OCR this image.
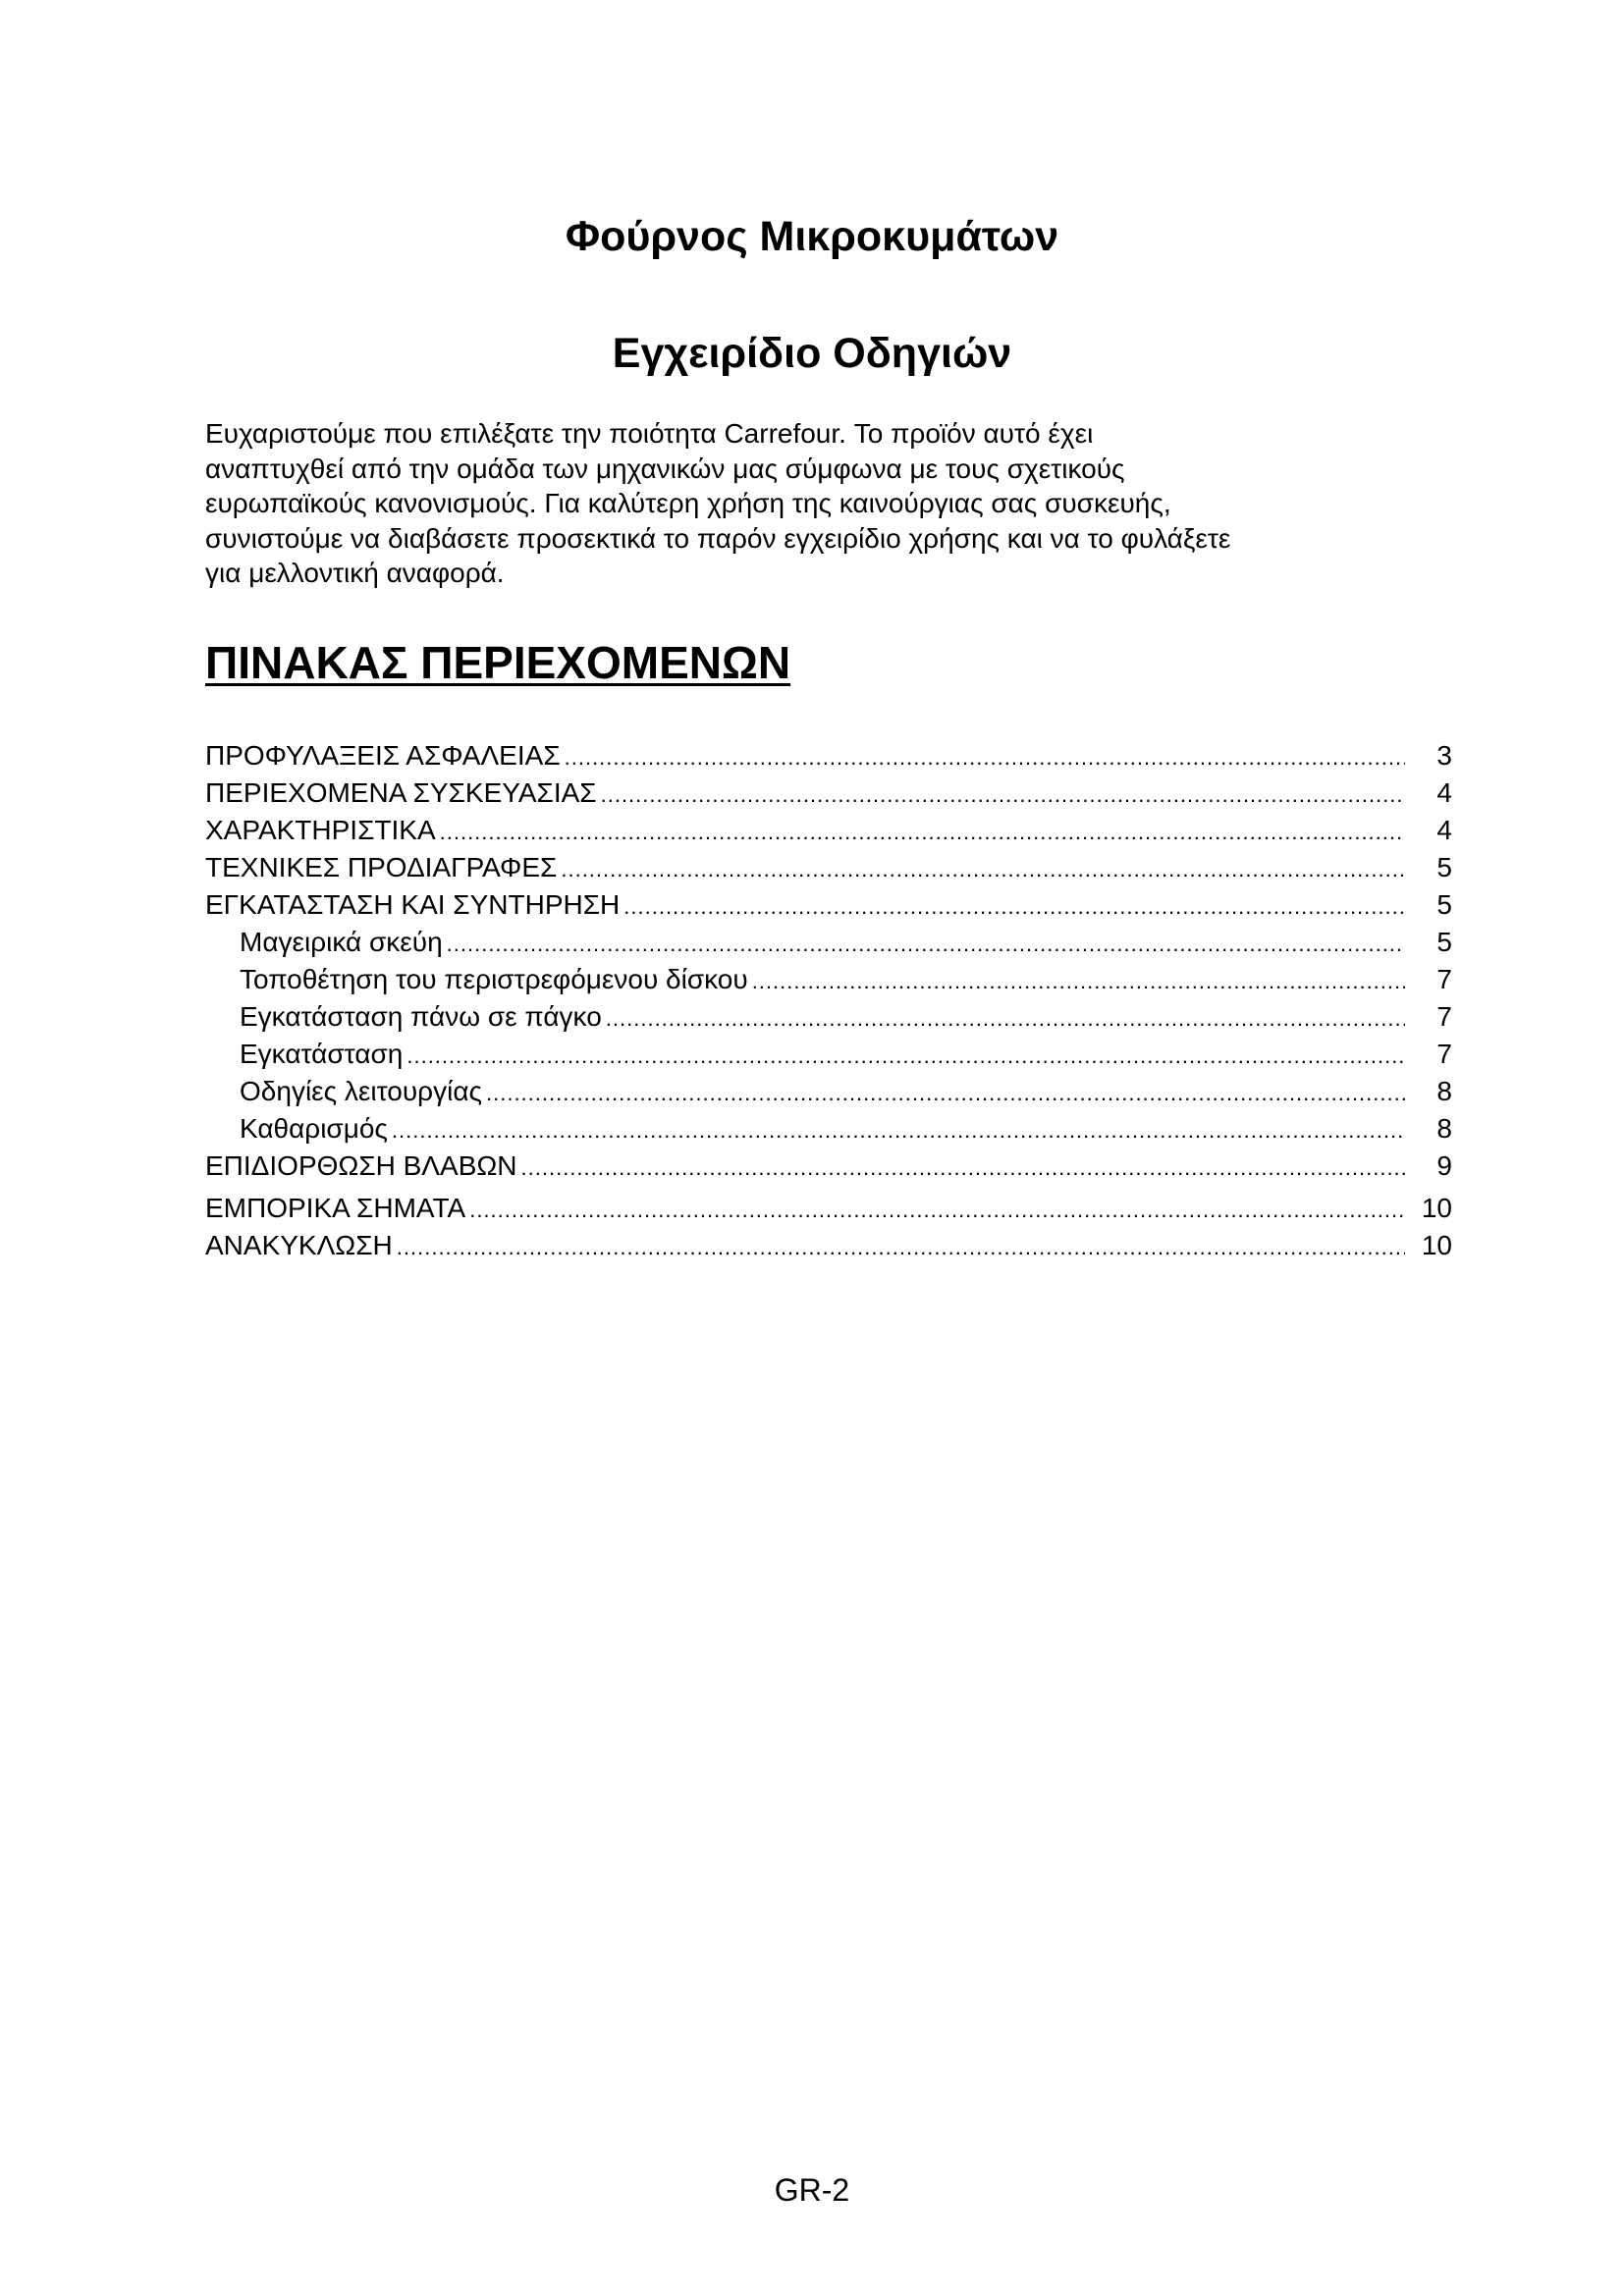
Φούρνος Μικροκυμάτων
Εγχειρίδιο Οδηγιών

Ευχαριστούμε που επιλέξατε την ποιότητα Carrefour. Το προϊόν αυτό έχει
αναπτυχθεί από την ομάδα των μηχανικών μας σύμφωνα με τους σχετικούς
ευρωπαϊκούς κανονισμούς. Για καλύτερη χρήση της καινούργιας σας συσκευής,
συνιστούμε να διαβάσετε προσεκτικά το παρόν εγχειρίδιο χρήσης και να το φυλάξετε
για μελλοντική αναφορά.

ΠΙΝΑΚΑΣ ΠΕΡΙΕΧΟΜΕΝΩΝ
ΠΡΟΦΥΛΑΞΕΙΣ ΑΣΦΑΛΕΙΑΣ .....	3
ΠΕΡΙΕΧΟΜΕΝΑ ΣΥΣΚΕΥΑΣΙΑΣ .....	4
ΧΑΡΑΚΤΗΡΙΣΤΙΚΑ .....	4
ΤΕΧΝΙΚΕΣ ΠΡΟΔΙΑΓΡΑΦΕΣ .....	5
ΕΓΚΑΤΑΣΤΑΣΗ ΚΑΙ ΣΥΝΤΗΡΗΣΗ .....	5
Μαγειρικά σκεύη .....	5
Τοποθέτηση του περιστρεφόμενου δίσκου .....	7
Εγκατάσταση πάνω σε πάγκο .....	7
Εγκατάσταση .....	7
Οδηγίες λειτουργίας .....	8
Καθαρισμός .....	8
ΕΠΙΔΙΟΡΘΩΣΗ ΒΛΑΒΩΝ .....	9
ΕΜΠΟΡΙΚΑ ΣΗΜΑΤΑ .....	10
ΑΝΑΚΥΚΛΩΣΗ .....	10

GR-2
